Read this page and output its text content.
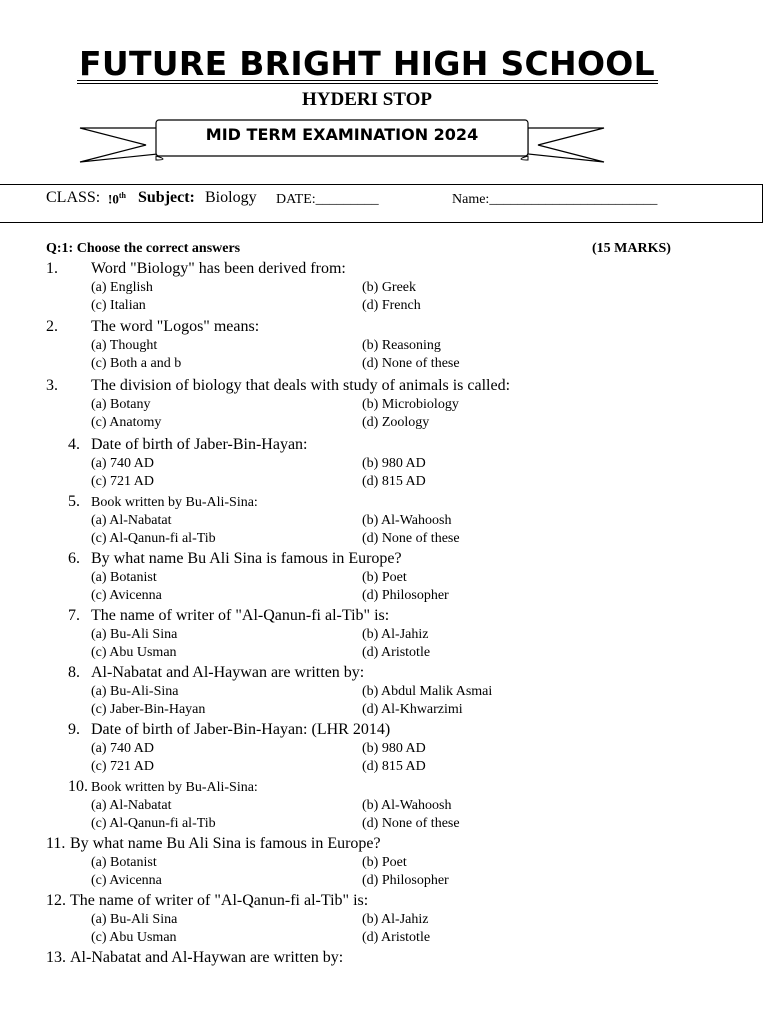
FUTURE BRIGHT HIGH SCHOOL
HYDERI STOP
MID TERM EXAMINATION 2024
CLASS: !0th Subject: Biology DATE:_________	Name:________________________
Q:1: Choose the correct answers	(15 MARKS)
1. Word "Biology" has been derived from:
(a) English	(b) Greek
(c) Italian	(d) French
2. The word "Logos" means:
(a) Thought	(b) Reasoning
(c) Both a and b	(d) None of these
3. The division of biology that deals with study of animals is called:
(a) Botany	(b) Microbiology
(c) Anatomy	(d) Zoology
4. Date of birth of Jaber-Bin-Hayan:
(a) 740 AD	(b) 980 AD
(c) 721 AD	(d) 815 AD
5. Book written by Bu-Ali-Sina:
(a) Al-Nabatat	(b) Al-Wahoosh
(c) Al-Qanun-fi al-Tib	(d) None of these
6. By what name Bu Ali Sina is famous in Europe?
(a) Botanist	(b) Poet
(c) Avicenna	(d) Philosopher
7. The name of writer of "Al-Qanun-fi al-Tib" is:
(a) Bu-Ali Sina	(b) Al-Jahiz
(c) Abu Usman	(d) Aristotle
8. Al-Nabatat and Al-Haywan are written by:
(a) Bu-Ali-Sina	(b) Abdul Malik Asmai
(c) Jaber-Bin-Hayan	(d) Al-Khwarzimi
9. Date of birth of Jaber-Bin-Hayan: (LHR 2014)
(a) 740 AD	(b) 980 AD
(c) 721 AD	(d) 815 AD
10. Book written by Bu-Ali-Sina:
(a) Al-Nabatat	(b) Al-Wahoosh
(c) Al-Qanun-fi al-Tib	(d) None of these
11. By what name Bu Ali Sina is famous in Europe?
(a) Botanist	(b) Poet
(c) Avicenna	(d) Philosopher
12. The name of writer of "Al-Qanun-fi al-Tib" is:
(a) Bu-Ali Sina	(b) Al-Jahiz
(c) Abu Usman	(d) Aristotle
13. Al-Nabatat and Al-Haywan are written by:
